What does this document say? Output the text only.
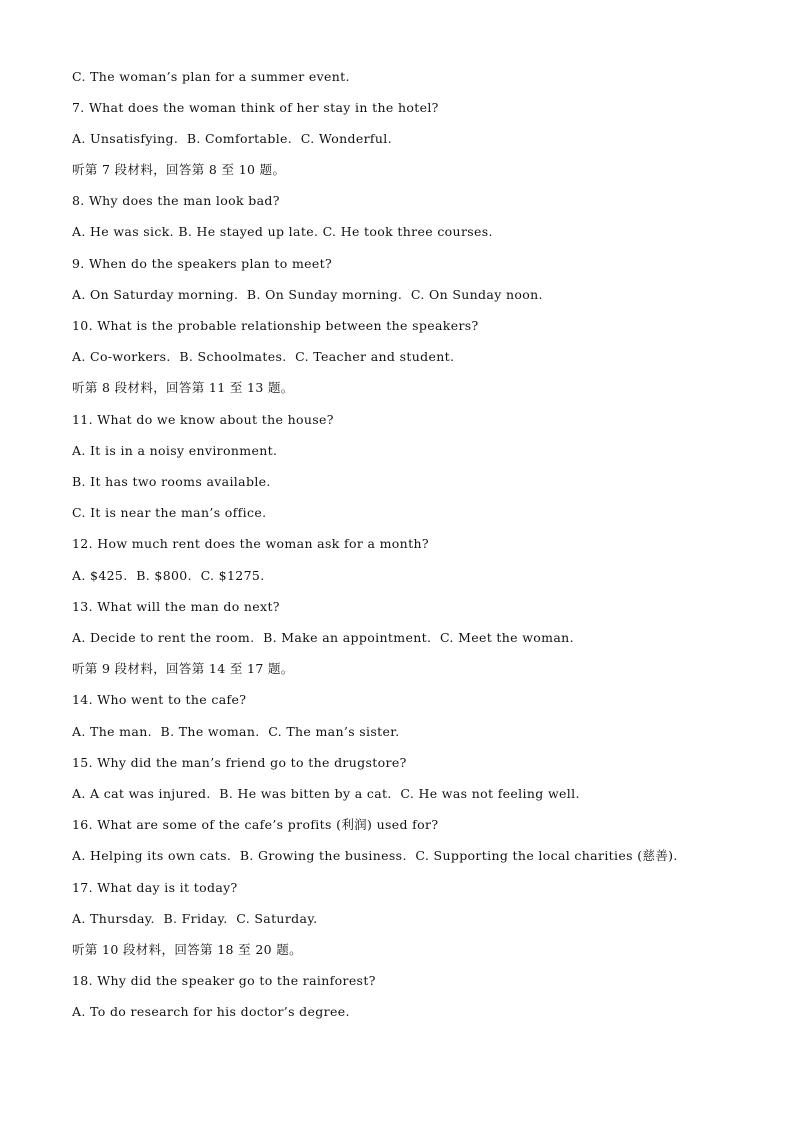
C. The woman’s plan for a summer event.
7. What does the woman think of her stay in the hotel?
A. Unsatisfying.  B. Comfortable.  C. Wonderful.
听第 7 段材料，回答第 8 至 10 题。
8. Why does the man look bad?
A. He was sick. B. He stayed up late. C. He took three courses.
9. When do the speakers plan to meet?
A. On Saturday morning.  B. On Sunday morning.  C. On Sunday noon.
10. What is the probable relationship between the speakers?
A. Co-workers.  B. Schoolmates.  C. Teacher and student.
听第 8 段材料，回答第 11 至 13 题。
11. What do we know about the house?
A. It is in a noisy environment.
B. It has two rooms available.
C. It is near the man’s office.
12. How much rent does the woman ask for a month?
A. $425.  B. $800.  C. $1275.
13. What will the man do next?
A. Decide to rent the room.  B. Make an appointment.  C. Meet the woman.
听第 9 段材料，回答第 14 至 17 题。
14. Who went to the cafe?
A. The man.  B. The woman.  C. The man’s sister.
15. Why did the man’s friend go to the drugstore?
A. A cat was injured.  B. He was bitten by a cat.  C. He was not feeling well.
16. What are some of the cafe’s profits (利润) used for?
A. Helping its own cats.  B. Growing the business.  C. Supporting the local charities (慈善).
17. What day is it today?
A. Thursday.  B. Friday.  C. Saturday.
听第 10 段材料，回答第 18 至 20 题。
18. Why did the speaker go to the rainforest?
A. To do research for his doctor’s degree.
